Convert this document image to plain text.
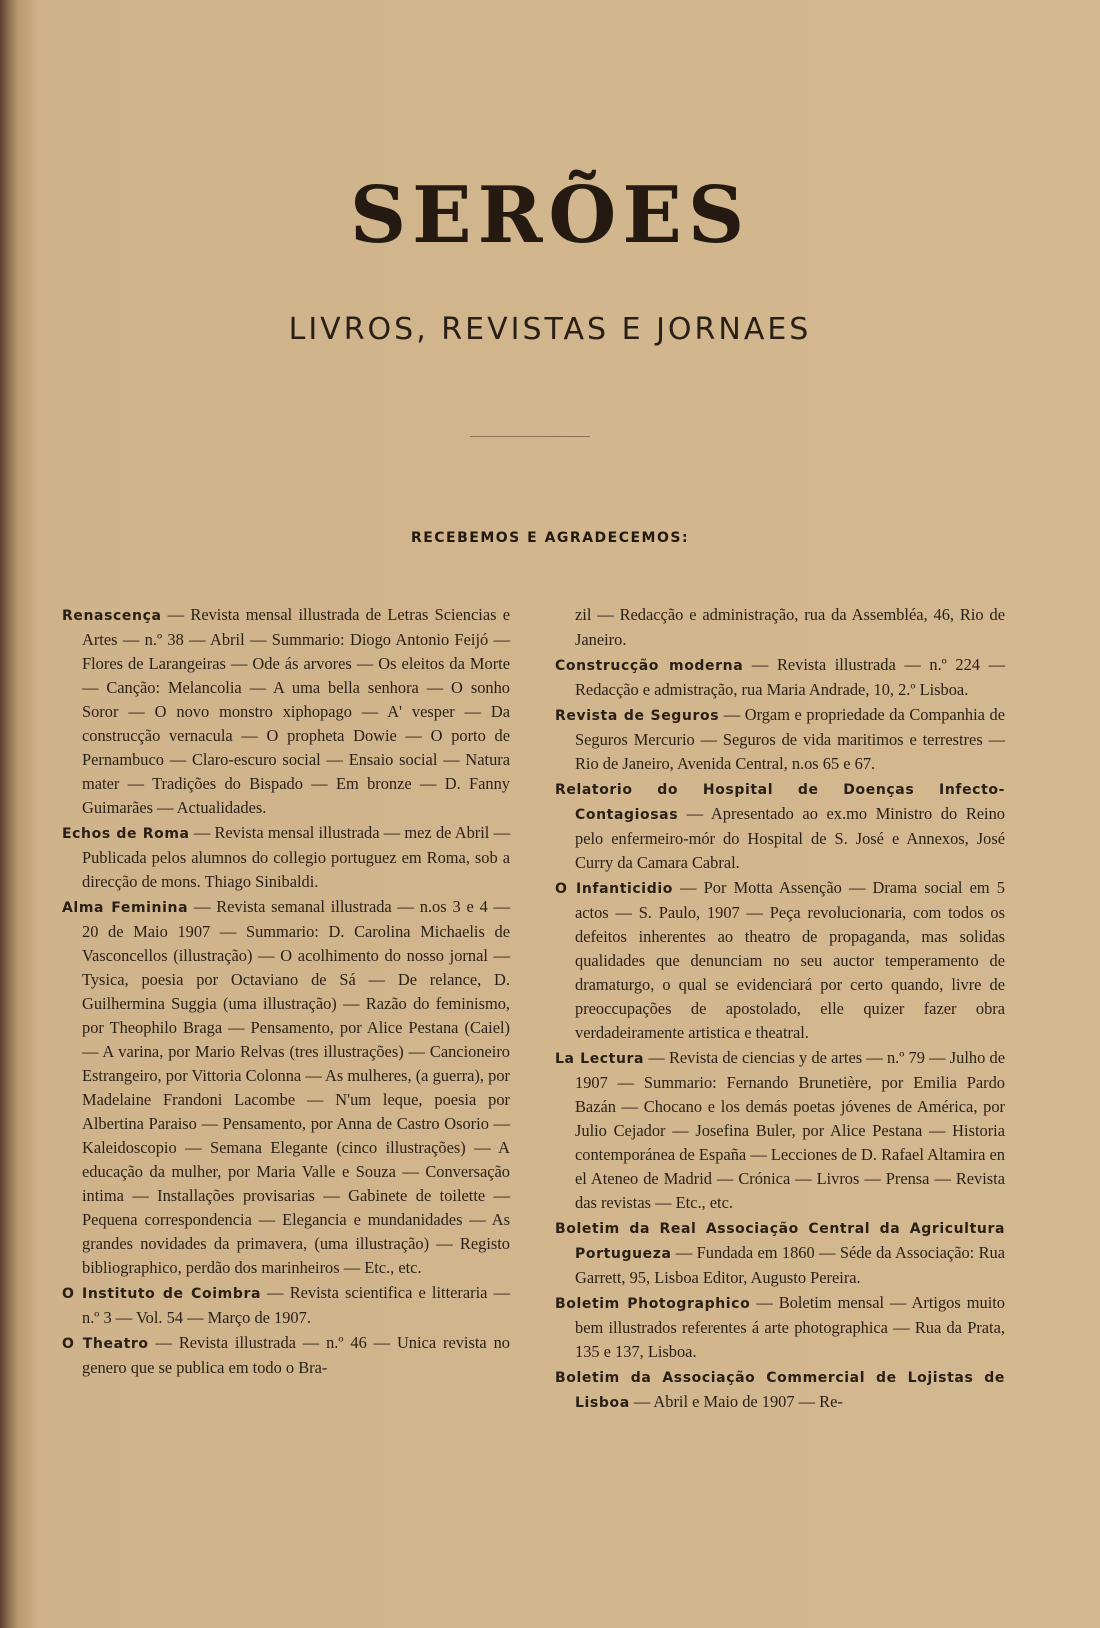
SERÕES
LIVROS, REVISTAS E JORNAES
RECEBEMOS E AGRADECEMOS:

Renascença — Revista mensal illustrada de Letras Sciencias e Artes — n.º 38 — Abril — Summario: Diogo Antonio Feijó — Flores de Larangeiras — Ode ás arvores — Os eleitos da Morte — Canção: Melancolia — A uma bella senhora — O sonho Soror — O novo monstro xiphopago — A' vesper — Da construcção vernacula — O propheta Dowie — O porto de Pernambuco — Claro-escuro social — Ensaio social — Natura mater — Tradições do Bispado — Em bronze — D. Fanny Guimarães — Actualidades.

Echos de Roma — Revista mensal illustrada — mez de Abril — Publicada pelos alumnos do collegio portuguez em Roma, sob a direcção de mons. Thiago Sinibaldi.

Alma Feminina — Revista semanal illustrada — n.os 3 e 4 — 20 de Maio 1907 — Summario: D. Carolina Michaelis de Vasconcellos (illustração) — O acolhimento do nosso jornal — Tysica, poesia por Octaviano de Sá — De relance, D. Guilhermina Suggia (uma illustração) — Razão do feminismo, por Theophilo Braga — Pensamento, por Alice Pestana (Caiel) — A varina, por Mario Relvas (tres illustrações) — Cancioneiro Estrangeiro, por Vittoria Colonna — As mulheres, (a guerra), por Madelaine Frandoni Lacombe — N'um leque, poesia por Albertina Paraiso — Pensamento, por Anna de Castro Osorio — Kaleidoscopio — Semana Elegante (cinco illustrações) — A educação da mulher, por Maria Valle e Souza — Conversação intima — Installações provisarias — Gabinete de toilette — Pequena correspondencia — Elegancia e mundanidades — As grandes novidades da primavera, (uma illustração) — Registo bibliographico, perdão dos marinheiros — Etc., etc.

O Instituto de Coimbra — Revista scientifica e litteraria — n.º 3 — Vol. 54 — Março de 1907.

O Theatro — Revista illustrada — n.º 46 — Unica revista no genero que se publica em todo o Bra-

zil — Redacção e administração, rua da Assembléa, 46, Rio de Janeiro.

Construcção moderna — Revista illustrada — n.º 224 — Redacção e admistração, rua Maria Andrade, 10, 2.º Lisboa.

Revista de Seguros — Orgam e propriedade da Companhia de Seguros Mercurio — Seguros de vida maritimos e terrestres — Rio de Janeiro, Avenida Central, n.os 65 e 67.

Relatorio do Hospital de Doenças Infecto-Contagiosas — Apresentado ao ex.mo Ministro do Reino pelo enfermeiro-mór do Hospital de S. José e Annexos, José Curry da Camara Cabral.

O Infanticidio — Por Motta Assenção — Drama social em 5 actos — S. Paulo, 1907 — Peça revolucionaria, com todos os defeitos inherentes ao theatro de propaganda, mas solidas qualidades que denunciam no seu auctor temperamento de dramaturgo, o qual se evidenciará por certo quando, livre de preoccupações de apostolado, elle quizer fazer obra verdadeiramente artistica e theatral.

La Lectura — Revista de ciencias y de artes — n.º 79 — Julho de 1907 — Summario: Fernando Brunetière, por Emilia Pardo Bazán — Chocano e los demás poetas jóvenes de América, por Julio Cejador — Josefina Buler, por Alice Pestana — Historia contemporánea de España — Lecciones de D. Rafael Altamira en el Ateneo de Madrid — Crónica — Livros — Prensa — Revista das revistas — Etc., etc.

Boletim da Real Associação Central da Agricultura Portugueza — Fundada em 1860 — Séde da Associação: Rua Garrett, 95, Lisboa Editor, Augusto Pereira.

Boletim Photographico — Boletim mensal — Artigos muito bem illustrados referentes á arte photographica — Rua da Prata, 135 e 137, Lisboa.

Boletim da Associação Commercial de Lojistas de Lisboa — Abril e Maio de 1907 — Re-
